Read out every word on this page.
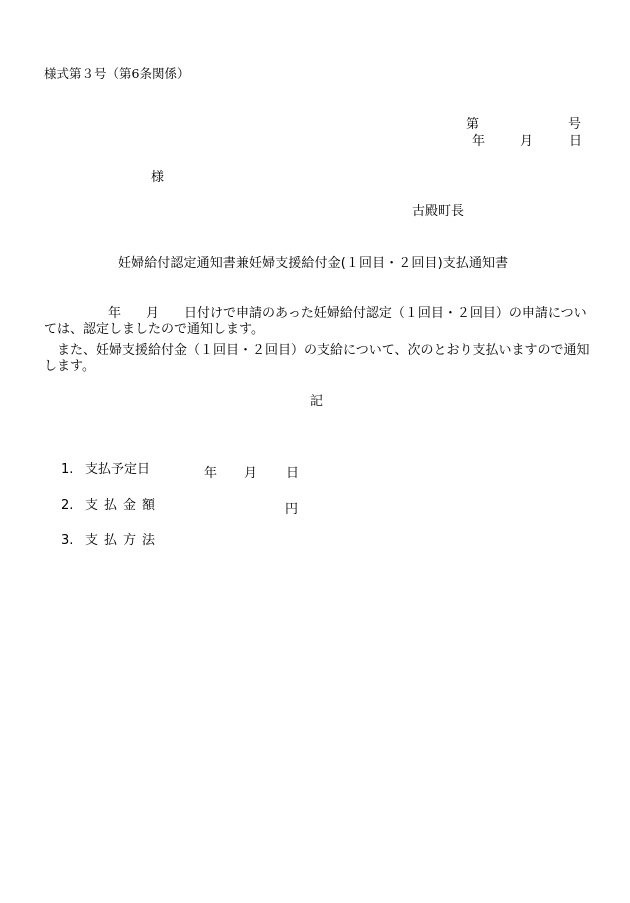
様式第３号（第6条関係）
第	号
年	月	日
様
古殿町長
妊婦給付認定通知書兼妊婦支援給付金(１回目・２回目)支払通知書
年 月 日付けで申請のあった妊婦給付認定（１回目・２回目）の申請については、認定しましたので通知します。
　また、妊婦支援給付金（１回目・２回目）の支給について、次のとおり支払いますので通知します。
記
1. 支払予定日	年 月 日
2. 支払金額	円
3. 支払方法
